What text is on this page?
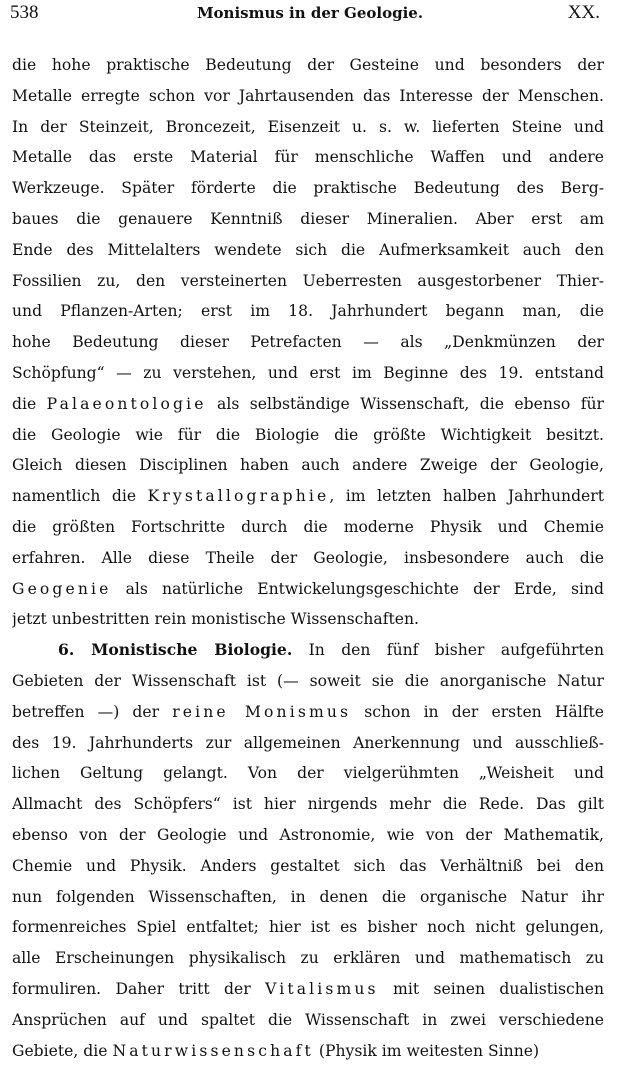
538	Monismus in der Geologie.	XX.
die hohe praktische Bedeutung der Gesteine und besonders der
Metalle erregte schon vor Jahrtausenden das Interesse der Menschen.
In der Steinzeit, Broncezeit, Eisenzeit u. s. w. lieferten Steine und
Metalle das erste Material für menschliche Waffen und andere
Werkzeuge. Später förderte die praktische Bedeutung des Berg-
baues die genauere Kenntniß dieser Mineralien. Aber erst am
Ende des Mittelalters wendete sich die Aufmerksamkeit auch den
Fossilien zu, den versteinerten Ueberresten ausgestorbener Thier-
und Pflanzen-Arten; erst im 18. Jahrhundert begann man, die
hohe Bedeutung dieser Petrefacten — als „Denkmünzen der
Schöpfung“ — zu verstehen, und erst im Beginne des 19. entstand
die Palaeontologie als selbständige Wissenschaft, die ebenso für
die Geologie wie für die Biologie die größte Wichtigkeit besitzt.
Gleich diesen Disciplinen haben auch andere Zweige der Geologie,
namentlich die Krystallographie, im letzten halben Jahrhundert
die größten Fortschritte durch die moderne Physik und Chemie
erfahren. Alle diese Theile der Geologie, insbesondere auch die
Geogenie als natürliche Entwickelungsgeschichte der Erde, sind
jetzt unbestritten rein monistische Wissenschaften.
6. Monistische Biologie. In den fünf bisher aufgeführten
Gebieten der Wissenschaft ist (— soweit sie die anorganische Natur
betreffen —) der reine Monismus schon in der ersten Hälfte
des 19. Jahrhunderts zur allgemeinen Anerkennung und ausschließ-
lichen Geltung gelangt. Von der vielgerühmten „Weisheit und
Allmacht des Schöpfers“ ist hier nirgends mehr die Rede. Das gilt
ebenso von der Geologie und Astronomie, wie von der Mathematik,
Chemie und Physik. Anders gestaltet sich das Verhältniß bei den
nun folgenden Wissenschaften, in denen die organische Natur ihr
formenreiches Spiel entfaltet; hier ist es bisher noch nicht gelungen,
alle Erscheinungen physikalisch zu erklären und mathematisch zu
formuliren. Daher tritt der Vitalismus mit seinen dualistischen
Ansprüchen auf und spaltet die Wissenschaft in zwei verschiedene
Gebiete, die Naturwissenschaft (Physik im weitesten Sinne)
